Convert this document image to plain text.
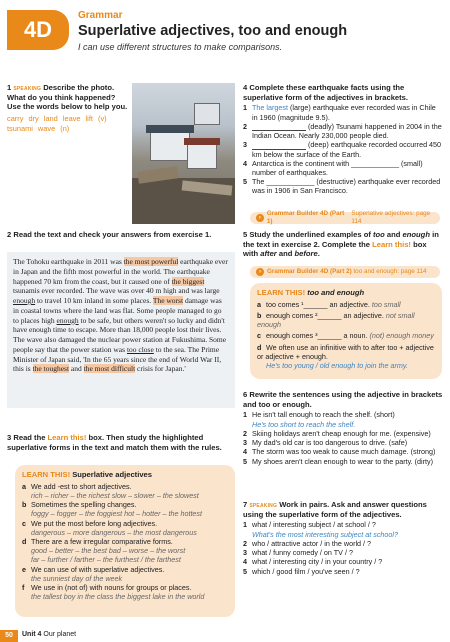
4D
Grammar
Superlative adjectives, too and enough
I can use different structures to make comparisons.
1 SPEAKING Describe the photo. What do you think happened? Use the words below to help you.
carry dry land leave lift (v) tsunami wave (n)
2 Read the text and check your answers from exercise 1.
The Tohoku earthquake in 2011 was the most powerful earthquake ever in Japan and the fifth most powerful in the world. The earthquake happened 70 km from the coast, but it caused one of the biggest tsunamis ever recorded. The wave was over 40 m high and was large enough to travel 10 km inland in some places. The worst damage was in coastal towns where the land was flat. Some people managed to go to places high enough to be safe, but others weren't so lucky and didn't have enough time to escape. More than 18,000 people lost their lives. The wave also damaged the nuclear power station at Fukushima. Some people say that the power station was too close to the sea. The Prime Minister of Japan said, 'In the 65 years since the end of World War II, this is the toughest and the most difficult crisis for Japan.'
3 Read the Learn this! box. Then study the highlighted superlative forms in the text and match them with the rules.
LEARN THIS! Superlative adjectives
a We add -est to short adjectives.
rich – richer – the richest slow – slower – the slowest
b Sometimes the spelling changes.
foggy – fogger – the foggiest hot – hotter – the hottest
c We put the most before long adjectives.
dangerous – more dangerous – the most dangerous
d There are a few irregular comparative forms.
good – better – the best bad – worse – the worst
far – further / farther – the furthest / the farthest
e We can use of with superlative adjectives.
the sunniest day of the week
f We use in (not of) with nouns for groups or places.
the tallest boy in the class the biggest lake in the world
4 Complete these earthquake facts using the superlative form of the adjectives in brackets.
1 The largest (large) earthquake ever recorded was in Chile in 1960 (magnitude 9.5).
2	(deadly) Tsunami happened in 2004 in the Indian Ocean. Nearly 230,000 people died.
3	(deep) earthquake recorded occurred 450 km below the surface of the Earth.
4 Antarctica is the continent with ____________ (small) number of earthquakes.
5 The ____________ (destructive) earthquake ever recorded was in 1906 in San Francisco.
›
Grammar Builder 4D (Part 1)

Superlative adjectives: page 114
5 Study the underlined examples of too and enough in the text in exercise 2. Complete the Learn this! box with after and before.
› Grammar Builder 4D (Part 2)
too and enough: page 114
LEARN THIS! too and enough
a too comes ¹______ an adjective. too small
b enough comes ²______ an adjective. not small enough
c enough comes ³______ a noun. (not) enough money
d We often use an infinitive with to after too + adjective or adjective + enough.
He's too young / old enough to join the army.
6 Rewrite the sentences using the adjective in brackets and too or enough.
1 He isn't tall enough to reach the shelf. (short)
He's too short to reach the shelf.
2 Skiing holidays aren't cheap enough for me. (expensive)
3 My dad's old car is too dangerous to drive. (safe)
4 The storm was too weak to cause much damage. (strong)
5 My shoes aren't clean enough to wear to the party. (dirty)
7 SPEAKING Work in pairs. Ask and answer questions using the superlative form of the adjectives.
1 what / interesting subject / at school / ?
What's the most interesting subject at school?
2 who / attractive actor / in the world / ?
3 what / funny comedy / on TV / ?
4 what / interesting city / in your country / ?
5 which / good film / you've seen / ?
50	Unit 4 Our planet
